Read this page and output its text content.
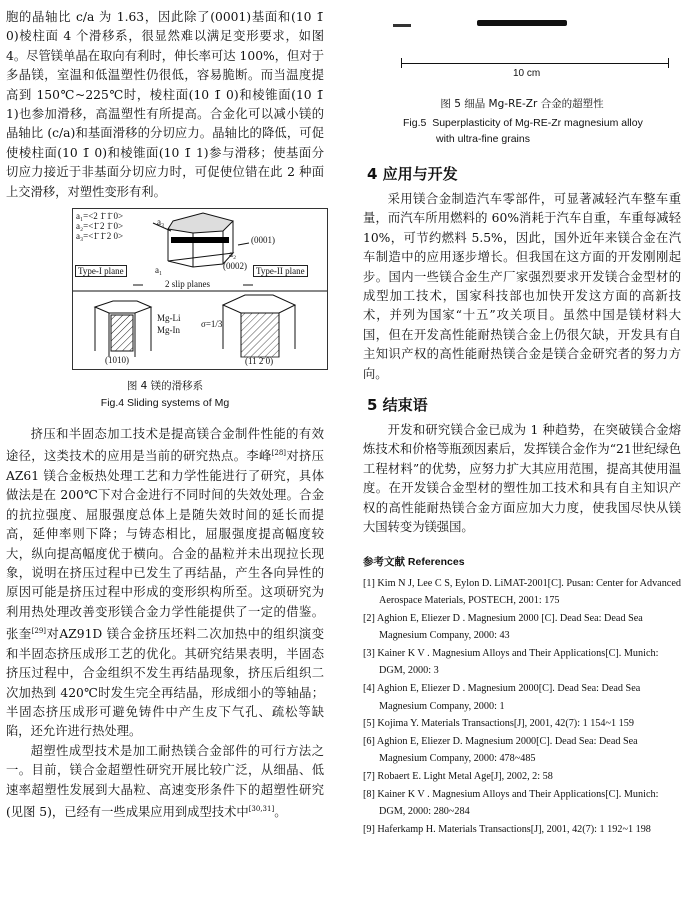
胞的晶轴比 c/a 为 1.63，因此除了(0001)基面和(10 1̄ 0)棱柱面 4 个滑移系，很显然难以满足变形要求，如图 4。尽管镁单晶在取向有利时，伸长率可达 100%，但对于多晶镁，室温和低温塑性仍很低，容易脆断。而当温度提高到 150℃~225℃时，棱柱面(10 1̄ 0)和棱锥面(10 1̄ 1)也参加滑移，高温塑性有所提高。合金化可以减小镁的晶轴比 (c/a)和基面滑移的分切应力。晶轴比的降低，可促使棱柱面(10 1̄ 0)和棱锥面(10 1̄ 1)参与滑移；使基面分切应力接近于非基面分切应力时，可促使位错在此 2 种面上交滑移，对塑性变形有利。

a₁=<2 1̄ 1̄ 0>
a₂=<1̄ 2 1̄ 0>
a₃=<1̄ 1̄ 2 0>
a₃
(0001)
a₂
(0002)
a₁
Type-I plane	Type-II plane
2 slip planes
Mg-Li
Mg-In
σ=1/3
(1010)	(11 2̄ 0)
图 4 镁的滑移系
Fig.4 Sliding systems of Mg

挤压和半固态加工技术是提高镁合金制件性能的有效途径，这类技术的应用是当前的研究热点。李峰[28]对挤压 AZ61 镁合金板热处理工艺和力学性能进行了研究，具体做法是在 200℃下对合金进行不同时间的失效处理。合金的抗拉强度、屈服强度总体上是随失效时间的延长而提高，延伸率则下降；与铸态相比，屈服强度提高幅度较大，纵向提高幅度优于横向。合金的晶粒并未出现拉长现象，说明在挤压过程中已发生了再结晶，产生各向异性的原因可能是挤压过程中形成的变形织构所至。这项研究为利用热处理改善变形镁合金力学性能提供了一定的借鉴。张奎[29]对AZ91D 镁合金挤压坯料二次加热中的组织演变和半固态挤压成形工艺的优化。其研究结果表明，半固态挤压过程中，合金组织不发生再结晶现象，挤压后组织二次加热到 420℃时发生完全再结晶，形成细小的等轴晶；半固态挤压成形可避免铸件中产生皮下气孔、疏松等缺陷，还允许进行热处理。

超塑性成型技术是加工耐热镁合金部件的可行方法之一。目前，镁合金超塑性研究开展比较广泛，从细晶、低速率超塑性发展到大晶粒、高速变形条件下的超塑性研究(见图 5)，已经有一些成果应用到成型技术中[30,31]。

10 cm
图 5 细晶 Mg-RE-Zr 合金的超塑性
Fig.5 Superplasticity of Mg-RE-Zr magnesium alloy
with ultra-fine grains
4 应用与开发

采用镁合金制造汽车零部件，可显著减轻汽车整车重量，而汽车所用燃料的 60%消耗于汽车自重，车重每减轻 10%，可节约燃料 5.5%，因此，国外近年来镁合金在汽车制造中的应用逐步增长。但我国在这方面的开发刚刚起步。国内一些镁合金生产厂家强烈要求开发镁合金型材的成型加工技术，国家科技部也加快开发这方面的高新技术，并列为国家“十五”攻关项目。虽然中国是镁材料大国，但在开发高性能耐热镁合金上仍很欠缺，开发具有自主知识产权的高性能耐热镁合金是镁合金研究者的努力方向。

5 结束语

开发和研究镁合金已成为 1 种趋势，在突破镁合金熔炼技术和价格等瓶颈因素后，发挥镁合金作为“21世纪绿色工程材料”的优势，应努力扩大其应用范围，提高其使用温度。在开发镁合金型材的塑性加工技术和具有自主知识产权的高性能耐热镁合金方面应加大力度，使我国尽快从镁大国转变为镁强国。

参考文献 References
[1] Kim N J, Lee C S, Eylon D. LiMAT-2001[C]. Pusan: Center for Advanced Aerospace Materials, POSTECH, 2001: 175
[2] Aghion E, Eliezer D . Magnesium 2000 [C]. Dead Sea: Dead Sea Magnesium Company, 2000: 43
[3] Kainer K V . Magnesium Alloys and Their Applications[C]. Munich: DGM, 2000: 3
[4] Aghion E, Eliezer D . Magnesium 2000[C]. Dead Sea: Dead Sea Magnesium Company, 2000: 1
[5] Kojima Y. Materials Transactions[J], 2001, 42(7): 1 154~1 159
[6] Aghion E, Eliezer D. Magnesium 2000[C]. Dead Sea: Dead Sea Magnesium Company, 2000: 478~485
[7] Robaert E. Light Metal Age[J], 2002, 2: 58
[8] Kainer K V . Magnesium Alloys and Their Applications[C]. Munich: DGM, 2000: 280~284
[9] Haferkamp H. Materials Transactions[J], 2001, 42(7): 1 192~1 198
